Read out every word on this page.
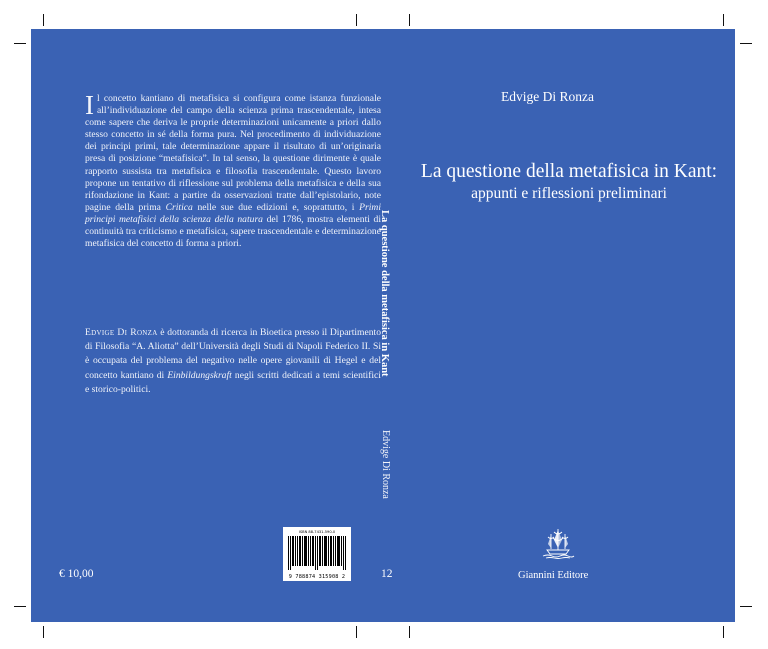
Il concetto kantiano di metafisica si configura come istanza funzionale all’individuazione del campo della scienza prima trascendentale, intesa come sapere che deriva le proprie determinazioni unicamente a priori dallo stesso concetto in sé della forma pura. Nel procedimento di individuazione dei principi primi, tale determinazione appare il risultato di un’originaria presa di posizione “metafisica”. In tal senso, la questione dirimente è quale rapporto sussista tra metafisica e filosofia trascendentale. Questo lavoro propone un tentativo di riflessione sul problema della metafisica e della sua rifondazione in Kant: a partire da osservazioni tratte dall’epistolario, note pagine della prima Critica nelle sue due edizioni e, soprattutto, i Primi principi metafisici della scienza della natura del 1786, mostra elementi di continuità tra criticismo e metafisica, sapere trascendentale e determinazione metafisica del concetto di forma a priori.
Edvige Di Ronza è dottoranda di ricerca in Bioetica presso il Dipartimento di Filosofia “A. Aliotta” dell’Università degli Studi di Napoli Federico II. Si è occupata del problema del negativo nelle opere giovanili di Hegel e del concetto kantiano di Einbildungskraft negli scritti dedicati a temi scientifici e storico-politici.
€ 10,00
ISBN 88-7431-590-0
9 788874 315908 2
La questione della metafisica in Kant
Edvige Di Ronza
12
Edvige Di Ronza
La questione della metafisica in Kant:
appunti e riflessioni preliminari
Giannini Editore
